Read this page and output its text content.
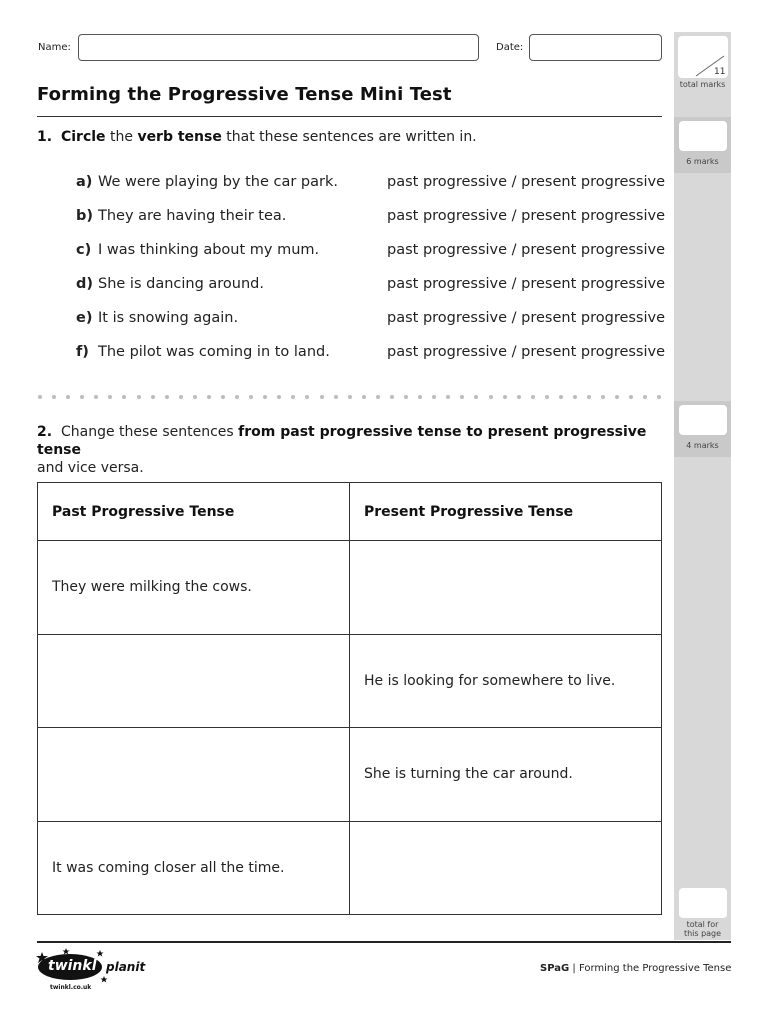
Name:	Date:
Forming the Progressive Tense Mini Test
1. Circle the verb tense that these sentences are written in.
a) We were playing by the car park.	past progressive / present progressive
b) They are having their tea.	past progressive / present progressive
c) I was thinking about my mum.	past progressive / present progressive
d) She is dancing around.	past progressive / present progressive
e) It is snowing again.	past progressive / present progressive
f) The pilot was coming in to land.	past progressive / present progressive
2. Change these sentences from past progressive tense to present progressive tense
and vice versa.
Past Progressive Tense	Present Progressive Tense
They were milking the cows.	
	He is looking for somewhere to live.
	She is turning the car around.
It was coming closer all the time.	
11
total marks
6 marks
4 marks
total for
this page
twinkl planit
twinkl.co.uk
SPaG | Forming the Progressive Tense
